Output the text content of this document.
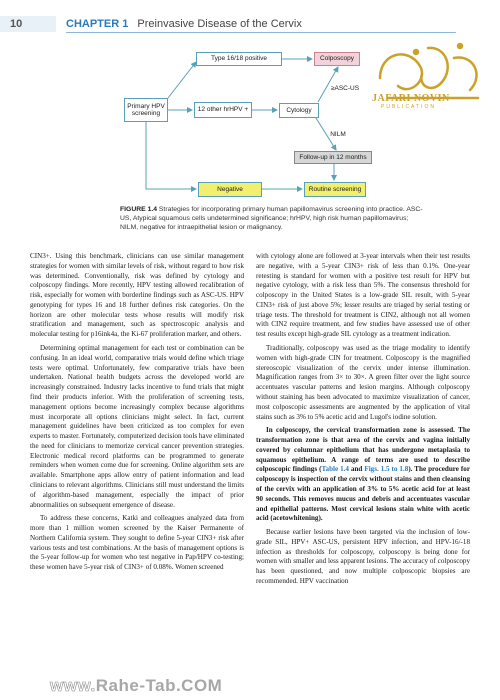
10	CHAPTER 1 Preinvasive Disease of the Cervix
Primary HPV screening
Type 16/18 positive
12 other hrHPV +
Negative
Colposcopy
Cytology
≥ASC-US
NILM
Follow-up in 12 months
Routine screening
JAFARI NOVIN
PUBLICATION
FIGURE 1.4 Strategies for incorporating primary human papillomavirus screening into practice. ASC-US, Atypical squamous cells undetermined significance; hrHPV, high risk human papillomavirus; NILM, negative for intraepithelial lesion or malignancy.

CIN3+. Using this benchmark, clinicians can use similar management strategies for women with similar levels of risk, without regard to how risk was determined. Conventionally, risk was defined by cytology and colposcopy findings. More recently, HPV testing allowed recalibration of risk, especially for women with borderline findings such as ASC-US. HPV genotyping for types 16 and 18 further defines risk categories. On the horizon are other molecular tests whose results will modify risk stratification and management, such as spectroscopic analysis and molecular testing for p16ink4a, the Ki-67 proliferation marker, and others.

Determining optimal management for each test or combination can be confusing. In an ideal world, comparative trials would define which triage tests were optimal. Unfortunately, few comparative trials have been undertaken. National health budgets across the developed world are increasingly constrained. Industry lacks incentive to fund trials that might find their products inferior. With the proliferation of screening tests, management options become increasingly complex because algorithms must incorporate all options clinicians might select. In fact, current management guidelines have been criticized as too complex for even experts to master. Fortunately, computerized decision tools have eliminated the need for clinicians to memorize cervical cancer prevention strategies. Electronic medical record platforms can be programmed to generate reminders when women come due for screening. Online algorithm sets are available. Smartphone apps allow entry of patient information and lead clinicians to relevant algorithms. Clinicians still must understand the limits of algorithm-based management, especially the impact of prior abnormalities on subsequent emergence of disease.

To address these concerns, Katki and colleagues analyzed data from more than 1 million women screened by the Kaiser Permanente of Northern California system. They sought to define 5-year CIN3+ risk after various tests and test combinations. At the basis of management options is the 5-year follow-up for women who test negative in Pap/HPV co-testing; these women have 5-year risk of CIN3+ of 0.08%. Women screened

with cytology alone are followed at 3-year intervals when their test results are negative, with a 5-year CIN3+ risk of less than 0.1%. One-year retesting is standard for women with a positive test result for HPV but negative cytology, with a risk less than 5%. The consensus threshold for colposcopy in the United States is a low-grade SIL result, with 5-year CIN3+ risk of just above 5%; lesser results are triaged by serial testing or triage tests. The threshold for treatment is CIN2, although not all women with CIN2 require treatment, and few studies have assessed use of other test results except high-grade SIL cytology as a treatment indication.

Traditionally, colposcopy was used as the triage modality to identify women with high-grade CIN for treatment. Colposcopy is the magnified stereoscopic visualization of the cervix under intense illumination. Magnification ranges from 3× to 30×. A green filter over the light source accentuates vascular patterns and lesion margins. Although colposcopy without staining has been advocated to maximize visualization of cancer, most colposcopic assessments are augmented by the application of vital stains such as 3% to 5% acetic acid and Lugol's iodine solution.

In colposcopy, the cervical transformation zone is assessed. The transformation zone is that area of the cervix and vagina initially covered by columnar epithelium that has undergone metaplasia to squamous epithelium. A range of terms are used to describe colposcopic findings (Table 1.4 and Figs. 1.5 to 1.8). The procedure for colposcopy is inspection of the cervix without stains and then cleansing of the cervix with an application of 3% to 5% acetic acid for at least 90 seconds. This removes mucus and debris and accentuates vascular and epithelial patterns. Most cervical lesions stain white with acetic acid (acetowhitening).

Because earlier lesions have been targeted via the inclusion of low-grade SIL, HPV+ ASC-US, persistent HPV infection, and HPV-16/-18 infection as thresholds for colposcopy, colposcopy is being done for women with smaller and less apparent lesions. The accuracy of colposcopy has been questioned, and now multiple colposcopic biopsies are recommended. HPV vaccination

www.Rahe-Tab.COM
